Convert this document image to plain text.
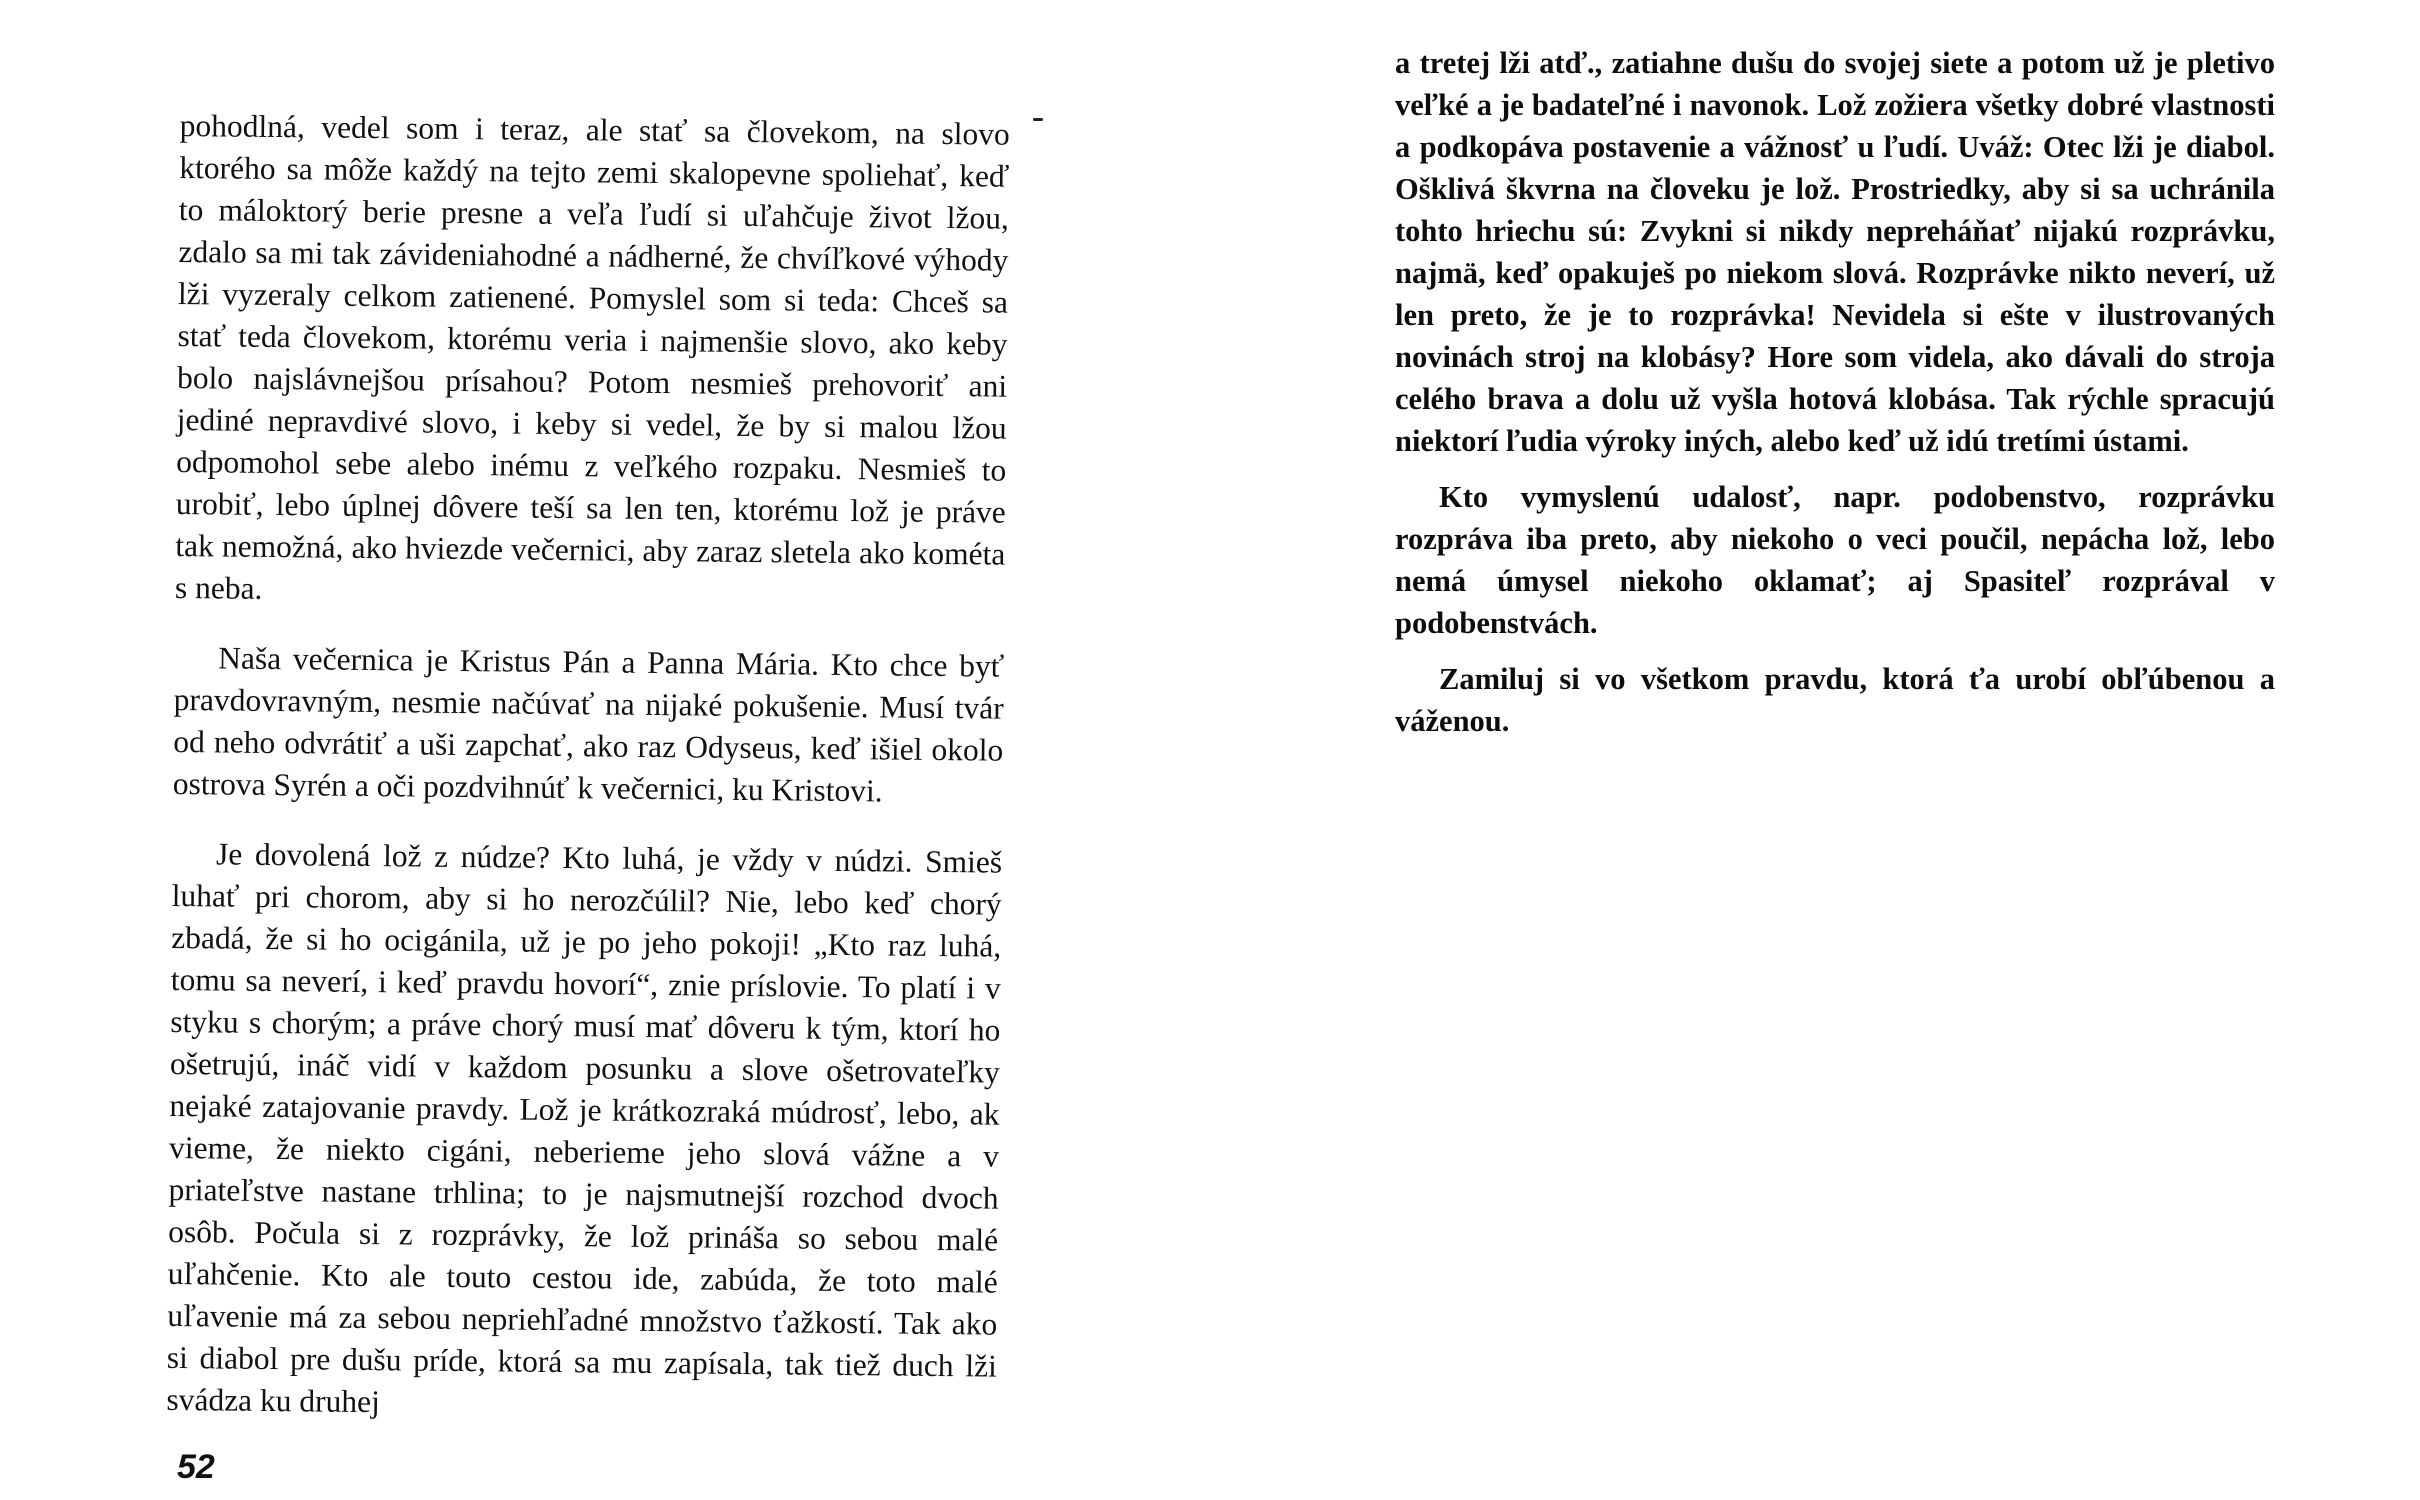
pohodlná, vedel som i teraz, ale stať sa človekom, na slovo ktorého sa môže každý na tejto zemi skalopevne spoliehať, keď to máloktorý berie presne a veľa ľudí si uľahčuje život lžou, zdalo sa mi tak závideniahodné a nádherné, že chvíľkové výhody lži vyzeraly celkom zatienené. Pomyslel som si teda: Chceš sa stať teda človekom, ktorému veria i najmenšie slovo, ako keby bolo najslávnejšou prísahou? Potom nesmieš prehovoriť ani jediné nepravdivé slovo, i keby si vedel, že by si malou lžou odpomohol sebe alebo inému z veľkého rozpaku. Nesmieš to urobiť, lebo úplnej dôvere teší sa len ten, ktorému lož je práve tak nemožná, ako hviezde večernici, aby zaraz sletela ako kométa s neba.

Naša večernica je Kristus Pán a Panna Mária. Kto chce byť pravdovravným, nesmie načúvať na nijaké pokušenie. Musí tvár od neho odvrátiť a uši zapchať, ako raz Odyseus, keď išiel okolo ostrova Syrén a oči pozdvihnúť k večernici, ku Kristovi.

Je dovolená lož z núdze? Kto luhá, je vždy v núdzi. Smieš luhať pri chorom, aby si ho nerozčúlil? Nie, lebo keď chorý zbadá, že si ho ocigánila, už je po jeho pokoji! „Kto raz luhá, tomu sa neverí, i keď pravdu hovorí“, znie príslovie. To platí i v styku s chorým; a práve chorý musí mať dôveru k tým, ktorí ho ošetrujú, ináč vidí v každom posunku a slove ošetrovateľky nejaké zatajovanie pravdy. Lož je krátkozraká múdrosť, lebo, ak vieme, že niekto cigáni, neberieme jeho slová vážne a v priateľstve nastane trhlina; to je najsmutnejší rozchod dvoch osôb. Počula si z rozprávky, že lož prináša so sebou malé uľahčenie. Kto ale touto cestou ide, zabúda, že toto malé uľavenie má za sebou nepriehľadné množstvo ťažkostí. Tak ako si diabol pre dušu príde, ktorá sa mu zapísala, tak tiež duch lži svádza ku druhej

52

a tretej lži atď., zatiahne dušu do svojej siete a potom už je pletivo veľké a je badateľné i navonok. Lož zožiera všetky dobré vlastnosti a podkopáva postavenie a vážnosť u ľudí. Uváž: Otec lži je diabol. Ošklivá škvrna na človeku je lož. Prostriedky, aby si sa uchránila tohto hriechu sú: Zvykni si nikdy nepreháňať nijakú rozprávku, najmä, keď opakuješ po niekom slová. Rozprávke nikto neverí, už len preto, že je to rozprávka! Nevidela si ešte v ilustrovaných novinách stroj na klobásy? Hore som videla, ako dávali do stroja celého brava a dolu už vyšla hotová klobása. Tak rýchle spracujú niektorí ľudia výroky iných, alebo keď už idú tretími ústami.

Kto vymyslenú udalosť, napr. podobenstvo, rozprávku rozpráva iba preto, aby niekoho o veci poučil, nepácha lož, lebo nemá úmysel niekoho oklamať; aj Spasiteľ rozprával v podobenstvách.

Zamiluj si vo všetkom pravdu, ktorá ťa urobí obľúbenou a váženou.
